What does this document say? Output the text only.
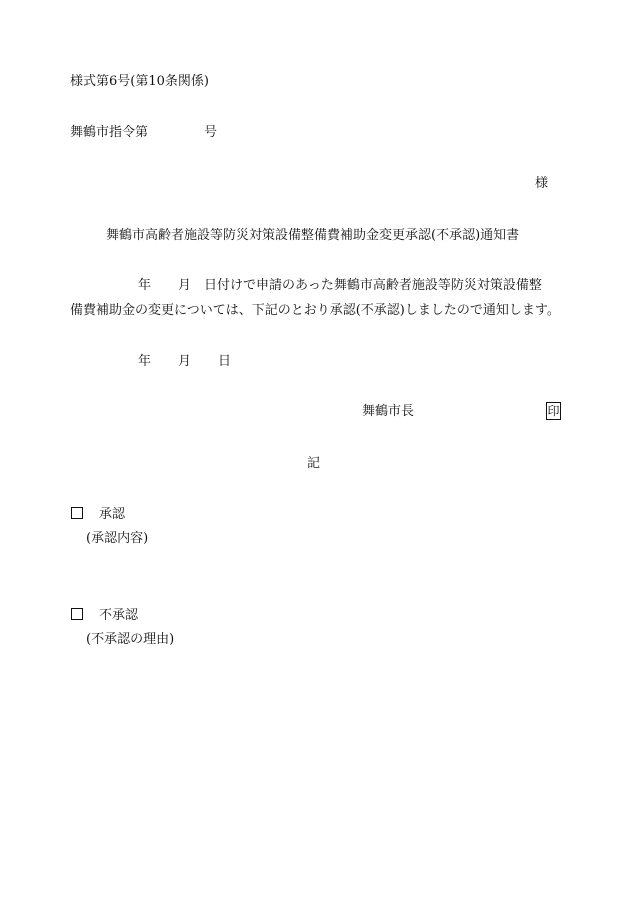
様式第6号(第10条関係)
舞鶴市指令第	号
様
舞鶴市高齢者施設等防災対策設備整備費補助金変更承認(不承認)通知書
年 月 日付けで申請のあった舞鶴市高齢者施設等防災対策設備整
備費補助金の変更については、下記のとおり承認(不承認)しましたので通知します。
年 月 日
舞鶴市長	印
記
承認
(承認内容)
不承認
(不承認の理由)
